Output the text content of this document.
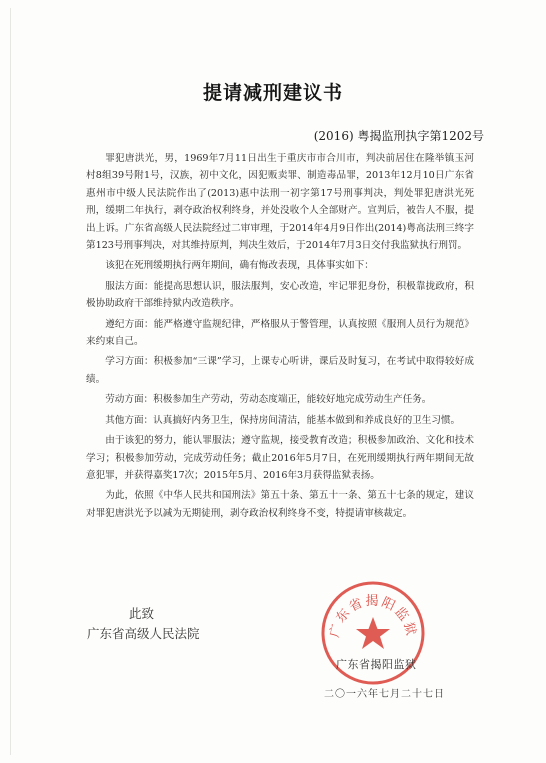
提请减刑建议书
(2016) 粤揭监刑执字第1202号

罪犯唐洪光，男，1969年7月11日出生于重庆市市合川市，判决前居住在隆举镇玉河村8组39号附1号，汉族，初中文化，因犯贩卖罪、制造毒品罪，2013年12月10日广东省惠州市中级人民法院作出了(2013)惠中法刑一初字第17号刑事判决，判处罪犯唐洪光死刑，缓期二年执行，剥夺政治权利终身，并处没收个人全部财产。宣判后，被告人不服，提出上诉。广东省高级人民法院经过二审审理，于2014年4月9日作出(2014)粤高法刑三终字第123号刑事判决，对其维持原判，判决生效后，于2014年7月3日交付我监狱执行刑罚。

该犯在死刑缓期执行两年期间，确有悔改表现，具体事实如下：

服法方面：能提高思想认识，服法服判，安心改造，牢记罪犯身份，积极靠拢政府，积极协助政府干部维持狱内改造秩序。

遵纪方面：能严格遵守监规纪律，严格服从于警管理，认真按照《服刑人员行为规范》来约束自己。

学习方面：积极参加“三课”学习，上课专心听讲，课后及时复习，在考试中取得较好成绩。

劳动方面：积极参加生产劳动，劳动态度端正，能较好地完成劳动生产任务。

其他方面：认真搞好内务卫生，保持房间清洁，能基本做到和养成良好的卫生习惯。

由于该犯的努力，能认罪服法；遵守监规，接受教育改造；积极参加政治、文化和技术学习；积极参加劳动，完成劳动任务；截止2016年5月7日，在死刑缓期执行两年期间无故意犯罪，并获得嘉奖17次；2015年5月、2016年3月获得监狱表扬。

为此，依照《中华人民共和国刑法》第五十条、第五十一条、第五十七条的规定，建议对罪犯唐洪光予以减为无期徒刑，剥夺政治权利终身不变，特提请审核裁定。

此致
广东省高级人民法院	广东省揭阳监狱
广东省揭阳监狱
二〇一六年七月二十七日
